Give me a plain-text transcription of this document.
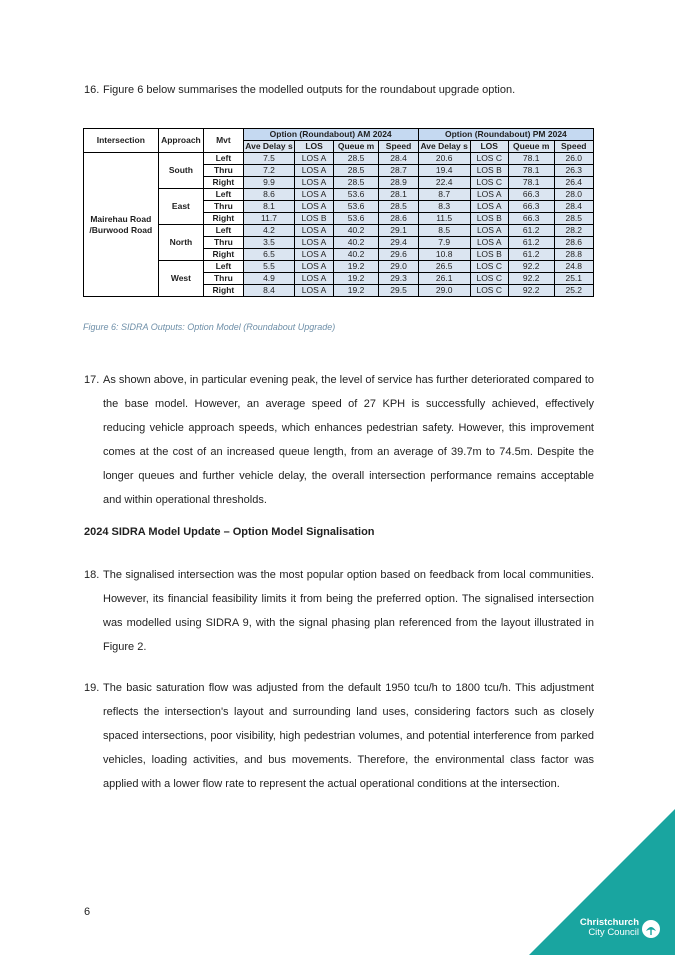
16. Figure 6 below summarises the modelled outputs for the roundabout upgrade option.
Intersection	Approach	Mvt	Option (Roundabout) AM 2024				Option (Roundabout) PM 2024			
			Ave Delay s	LOS	Queue m	Speed	Ave Delay s	LOS	Queue m	Speed
Mairehau Road /Burwood Road	South	Left	7.5	LOS A	28.5	28.4	20.6	LOS C	78.1	26.0
		Thru	7.2	LOS A	28.5	28.7	19.4	LOS B	78.1	26.3
		Right	9.9	LOS A	28.5	28.9	22.4	LOS C	78.1	26.4
	East	Left	8.6	LOS A	53.6	28.1	8.7	LOS A	66.3	28.0
		Thru	8.1	LOS A	53.6	28.5	8.3	LOS A	66.3	28.4
		Right	11.7	LOS B	53.6	28.6	11.5	LOS B	66.3	28.5
	North	Left	4.2	LOS A	40.2	29.1	8.5	LOS A	61.2	28.2
		Thru	3.5	LOS A	40.2	29.4	7.9	LOS A	61.2	28.6
		Right	6.5	LOS A	40.2	29.6	10.8	LOS B	61.2	28.8
	West	Left	5.5	LOS A	19.2	29.0	26.5	LOS C	92.2	24.8
		Thru	4.9	LOS A	19.2	29.3	26.1	LOS C	92.2	25.1
		Right	8.4	LOS A	19.2	29.5	29.0	LOS C	92.2	25.2
Figure 6: SIDRA Outputs: Option Model (Roundabout Upgrade)
17. As shown above, in particular evening peak, the level of service has further deteriorated compared to the base model. However, an average speed of 27 KPH is successfully achieved, effectively reducing vehicle approach speeds, which enhances pedestrian safety. However, this improvement comes at the cost of an increased queue length, from an average of 39.7m to 74.5m. Despite the longer queues and further vehicle delay, the overall intersection performance remains acceptable and within operational thresholds.
2024 SIDRA Model Update – Option Model Signalisation
18. The signalised intersection was the most popular option based on feedback from local communities. However, its financial feasibility limits it from being the preferred option. The signalised intersection was modelled using SIDRA 9, with the signal phasing plan referenced from the layout illustrated in Figure 2.
19. The basic saturation flow was adjusted from the default 1950 tcu/h to 1800 tcu/h. This adjustment reflects the intersection's layout and surrounding land uses, considering factors such as closely spaced intersections, poor visibility, high pedestrian volumes, and potential interference from parked vehicles, loading activities, and bus movements. Therefore, the environmental class factor was applied with a lower flow rate to represent the actual operational conditions at the intersection.
6
Christchurch
City Council
